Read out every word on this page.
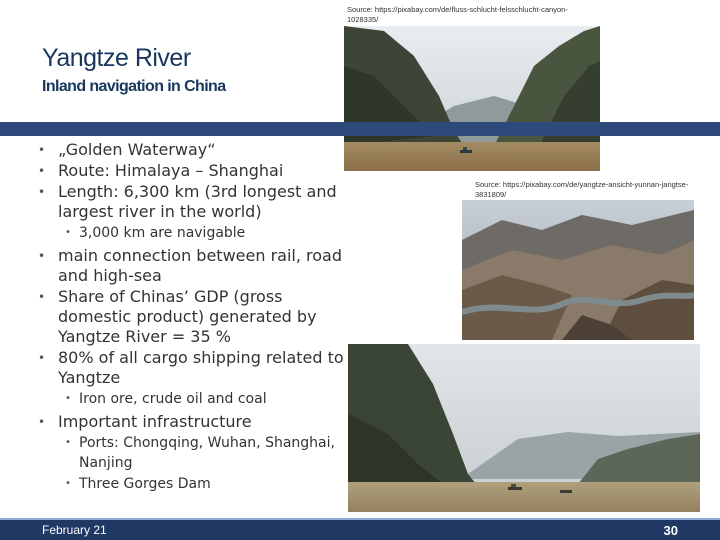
Yangtze River
Inland navigation in China
Source: https://pixabay.com/de/fluss-schlucht-felsschlucht-canyon-1028335/
Source: https://pixabay.com/de/yangtze-ansicht-yunnan-jangtse-3831809/
• „Golden Waterway“
• Route: Himalaya – Shanghai
• Length: 6,300 km (3rd longest and largest river in the world)
• 3,000 km are navigable
• main connection between rail, road and high-sea
• Share of Chinas’ GDP (gross domestic product) generated by Yangtze River = 35 %
• 80% of all cargo shipping related to Yangtze
• Iron ore, crude oil and coal
• Important infrastructure
• Ports: Chongqing, Wuhan, Shanghai, Nanjing
• Three Gorges Dam
February 21	30
